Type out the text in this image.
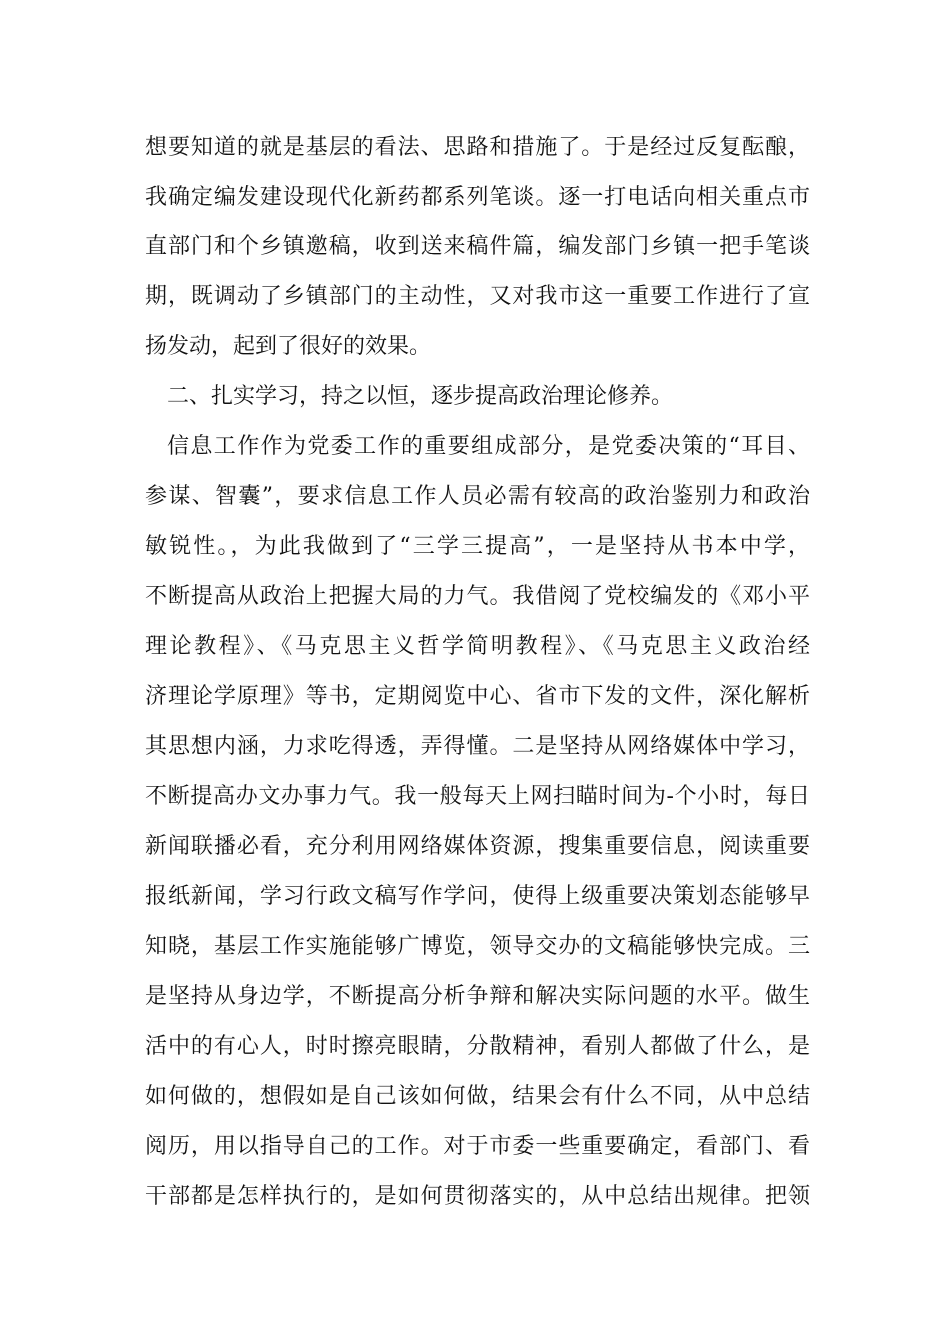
想要知道的就是基层的看法、思路和措施了。于是经过反复酝酿，
我确定编发建设现代化新药都系列笔谈。逐一打电话向相关重点市
直部门和个乡镇邀稿，收到送来稿件篇，编发部门乡镇一把手笔谈
期，既调动了乡镇部门的主动性，又对我市这一重要工作进行了宣
扬发动，起到了很好的效果。
二、扎实学习，持之以恒，逐步提高政治理论修养。
信息工作作为党委工作的重要组成部分，是党委决策的“耳目、
参谋、智囊”，要求信息工作人员必需有较高的政治鉴别力和政治
敏锐性。，为此我做到了“三学三提高”，一是坚持从书本中学，
不断提高从政治上把握大局的力气。我借阅了党校编发的《邓小平
理论教程》、《马克思主义哲学简明教程》、《马克思主义政治经
济理论学原理》等书，定期阅览中心、省市下发的文件，深化解析
其思想内涵，力求吃得透，弄得懂。二是坚持从网络媒体中学习，
不断提高办文办事力气。我一般每天上网扫瞄时间为-个小时，每日
新闻联播必看，充分利用网络媒体资源，搜集重要信息，阅读重要
报纸新闻，学习行政文稿写作学问，使得上级重要决策划态能够早
知晓，基层工作实施能够广博览，领导交办的文稿能够快完成。三
是坚持从身边学，不断提高分析争辩和解决实际问题的水平。做生
活中的有心人，时时擦亮眼睛，分散精神，看别人都做了什么，是
如何做的，想假如是自己该如何做，结果会有什么不同，从中总结
阅历，用以指导自己的工作。对于市委一些重要确定，看部门、看
干部都是怎样执行的，是如何贯彻落实的，从中总结出规律。把领
